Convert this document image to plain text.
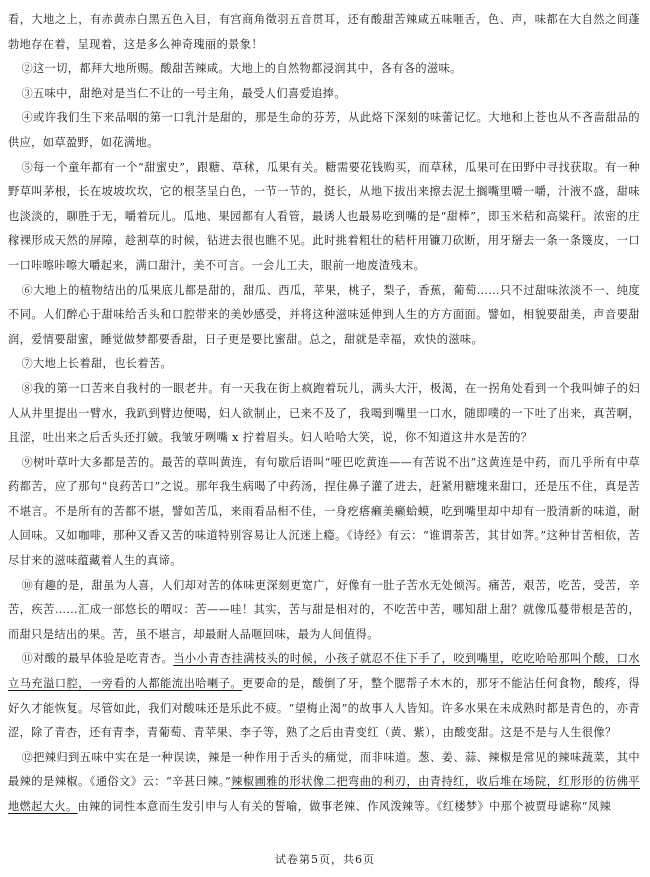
看，大地之上，有赤黄赤白黑五色入目，有宫商角徵羽五音贯耳，还有酸甜苦辣咸五味咂舌，色、声，味都在大自然之间蓬勃地存在着，呈现着，这是多么神奇瑰丽的景象！

②这一切，都拜大地所赐。酸甜苦辣咸。大地上的自然物都浸润其中，各有各的滋味。

③五味中，甜绝对是当仁不让的一号主角，最受人们喜爱追捧。

④或许我们生下来品咽的第一口乳汁是甜的，那是生命的芬芳，从此烙下深刻的味蕾记忆。大地和上苍也从不吝啬甜品的供应，如草盈野，如花满地。

⑤每一个童年都有一个“甜蜜史”，跟糖、草秫，瓜果有关。糖需要花钱购买，而草秫，瓜果可在田野中寻找获取。有一种野草叫茅根，长在坡坡坎坎，它的根茎呈白色，一节一节的，挺长，从地下拔出来擦去泥土搁嘴里嚼一嚼，汁液不盛，甜味也淡淡的，聊胜于无，嚼着玩儿。瓜地、果园都有人看管，最诱人也最易吃到嘴的是“甜棒”，即玉米秸和高粱秆。浓密的庄稼裸形成天然的屏障，趁割草的时候，钻进去很也瞧不见。此时挑着粗壮的秸杆用镰刀砍断，用牙掰去一条一条篾皮，一口一口咔嚓咔嚓大嚼起来，满口甜汁，美不可言。一会儿工夫，眼前一地废渣残末。

⑥大地上的植物结出的瓜果底儿都是甜的，甜瓜、西瓜，苹果，桃子，梨子，香蕉，葡萄……只不过甜味浓淡不一、纯度不同。人们醉心于甜味给舌头和口腔带来的美妙感受，并将这种滋味延伸到人生的方方面面。譬如，相貌要甜美，声音要甜润，爱情要甜蜜，睡觉做梦都要香甜，日子更是要比蜜甜。总之，甜就是幸福，欢快的滋味。

⑦大地上长着甜，也长着苦。

⑧我的第一口苦来自我村的一眼老井。有一天我在街上疯跑着玩儿，满头大汗，极渴，在一拐角处看到一个我叫婶子的妇人从井里提出一臂水，我趴到臂边便喝，妇人欲制止，已来不及了，我喝到嘴里一口水，随即噗的一下吐了出来，真苦啊，且涩，吐出来之后舌头还打皴。我皱牙咧嘴 x 拧着眉头。妇人哈哈大笑，说，你不知道这井水是苦的？

⑨树叶草叶大多都是苦的。最苦的草叫黄连，有句歇后语叫“哑巴吃黄连——有苦说不出”这黄连是中药，而几乎所有中草药都苦，应了那句“良药苦口”之说。那年我生病喝了中药汤，捏住鼻子灌了进去，赶紧用糖塊来甜口，还是压不住，真是苦不堪言。不是所有的苦都不堪，譬如苦瓜，来雨看品相不佳，一身疙瘩癞美癞蛤蟆，吃到嘴里却中却有一股清新的味道，耐人回味。又如咖啡，那种又香又苦的味道特别容易让人沉迷上瘾。《诗经》有云：“谁谓荼苦，其甘如荠。”这种甘苦相依，苦尽甘来的滋味蕴藏着人生的真谛。

⑩有趣的是，甜虽为人喜，人们却对苦的体味更深刻更宽广，好像有一肚子苦水无处倾泻。痛苦，艰苦，吃苦，受苦，辛苦，疾苦……汇成一部悠长的喟叹：苦——哇！其实，苦与甜是相对的，不吃苦中苦，哪知甜上甜？就像瓜蔓带根是苦的，而甜只是结出的果。苦，虽不堪言，却最耐人品咂回味，最为人间值得。

⑪对酸的最早体验是吃青杏。当小小青杏挂满枝头的时候，小孩子就忍不住下手了，咬到嘴里，吃吃哈哈那叫个酸，口水立马充溢口腔，一旁看的人都能流出哈喇子。更要命的是，酸倒了牙，整个腮帮子木木的，那牙不能沾任何食物，酸疼，得好久才能恢复。尽管如此，我们对酸味还是乐此不疲。“望梅止渴”的故事人人皆知。许多水果在未成熟时都是青色的，亦青涩，除了青杏，还有青李，青葡萄、青苹果、李子等，熟了之后由青变红（黄、紫），由酸变甜。这是不是与人生很像？

⑫把辣归到五味中实在是一种误读，辣是一种作用于舌头的痛觉，而非味道。葱、姜、蒜、辣椒是常见的辣味蔬菜，其中最辣的是辣椒。《通俗文》云：“辛甚曰辣。”辣椒圃雅的形状像二把弯曲的利刃，由青持红，收后堆在场院，红形形的彷佛平地燃起大火。由辣的词性本意而生发引申与人有关的誓喻，做事老辣、作风泼辣等。《红楼梦》中那个被贾母谑称“凤辣

试卷第5页，共6页
